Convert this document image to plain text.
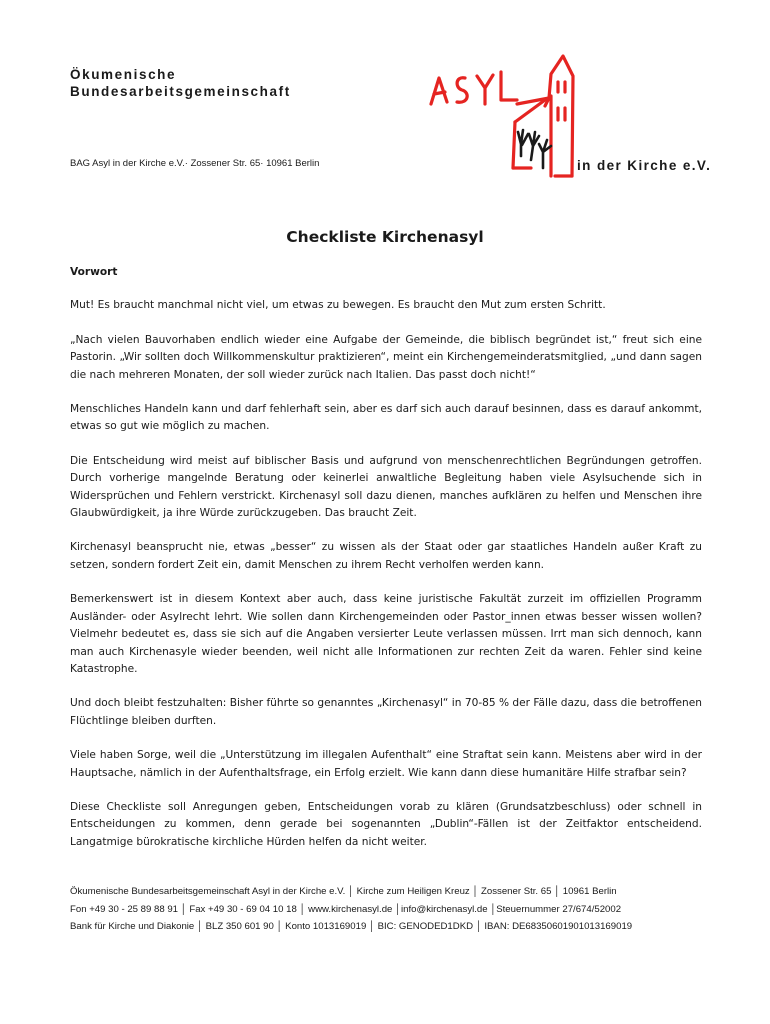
Ökumenische
Bundesarbeitsgemeinschaft
BAG Asyl in der Kirche e.V.· Zossener Str. 65· 10961 Berlin	in der Kirche e.V.
Checkliste Kirchenasyl
Vorwort

Mut! Es braucht manchmal nicht viel, um etwas zu bewegen. Es braucht den Mut zum ersten Schritt.

„Nach vielen Bauvorhaben endlich wieder eine Aufgabe der Gemeinde, die biblisch begründet ist,“ freut sich eine Pastorin. „Wir sollten doch Willkommenskultur praktizieren“, meint ein Kirchengemeinderatsmitglied, „und dann sagen die nach mehreren Monaten, der soll wieder zurück nach Italien. Das passt doch nicht!“

Menschliches Handeln kann und darf fehlerhaft sein, aber es darf sich auch darauf besinnen, dass es darauf ankommt, etwas so gut wie möglich zu machen.

Die Entscheidung wird meist auf biblischer Basis und aufgrund von menschenrechtlichen Begründungen getroffen. Durch vorherige mangelnde Beratung oder keinerlei anwaltliche Begleitung haben viele Asylsuchende sich in Widersprüchen und Fehlern verstrickt. Kirchenasyl soll dazu dienen, manches aufklären zu helfen und Menschen ihre Glaubwürdigkeit, ja ihre Würde zurückzugeben. Das braucht Zeit.

Kirchenasyl beansprucht nie, etwas „besser“ zu wissen als der Staat oder gar staatliches Handeln außer Kraft zu setzen, sondern fordert Zeit ein, damit Menschen zu ihrem Recht verholfen werden kann.

Bemerkenswert ist in diesem Kontext aber auch, dass keine juristische Fakultät zurzeit im offiziellen Programm Ausländer- oder Asylrecht lehrt. Wie sollen dann Kirchengemeinden oder Pastor_innen etwas besser wissen wollen? Vielmehr bedeutet es, dass sie sich auf die Angaben versierter Leute verlassen müssen. Irrt man sich dennoch, kann man auch Kirchenasyle wieder beenden, weil nicht alle Informationen zur rechten Zeit da waren. Fehler sind keine Katastrophe.

Und doch bleibt festzuhalten: Bisher führte so genanntes „Kirchenasyl“ in 70-85 % der Fälle dazu, dass die betroffenen Flüchtlinge bleiben durften.

Viele haben Sorge, weil die „Unterstützung im illegalen Aufenthalt“ eine Straftat sein kann. Meistens aber wird in der Hauptsache, nämlich in der Aufenthaltsfrage, ein Erfolg erzielt. Wie kann dann diese humanitäre Hilfe strafbar sein?

Diese Checkliste soll Anregungen geben, Entscheidungen vorab zu klären (Grundsatzbeschluss) oder schnell in Entscheidungen zu kommen, denn gerade bei sogenannten „Dublin“-Fällen ist der Zeitfaktor entscheidend. Langatmige bürokratische kirchliche Hürden helfen da nicht weiter.

Ökumenische Bundesarbeitsgemeinschaft Asyl in der Kirche e.V. │ Kirche zum Heiligen Kreuz │ Zossener Str. 65 │ 10961 Berlin
Fon +49 30 - 25 89 88 91 │ Fax +49 30 - 69 04 10 18 │ www.kirchenasyl.de │info@kirchenasyl.de │Steuernummer 27/674/52002
Bank für Kirche und Diakonie │ BLZ 350 601 90 │ Konto 1013169019 │ BIC: GENODED1DKD │ IBAN: DE68350601901013169019
